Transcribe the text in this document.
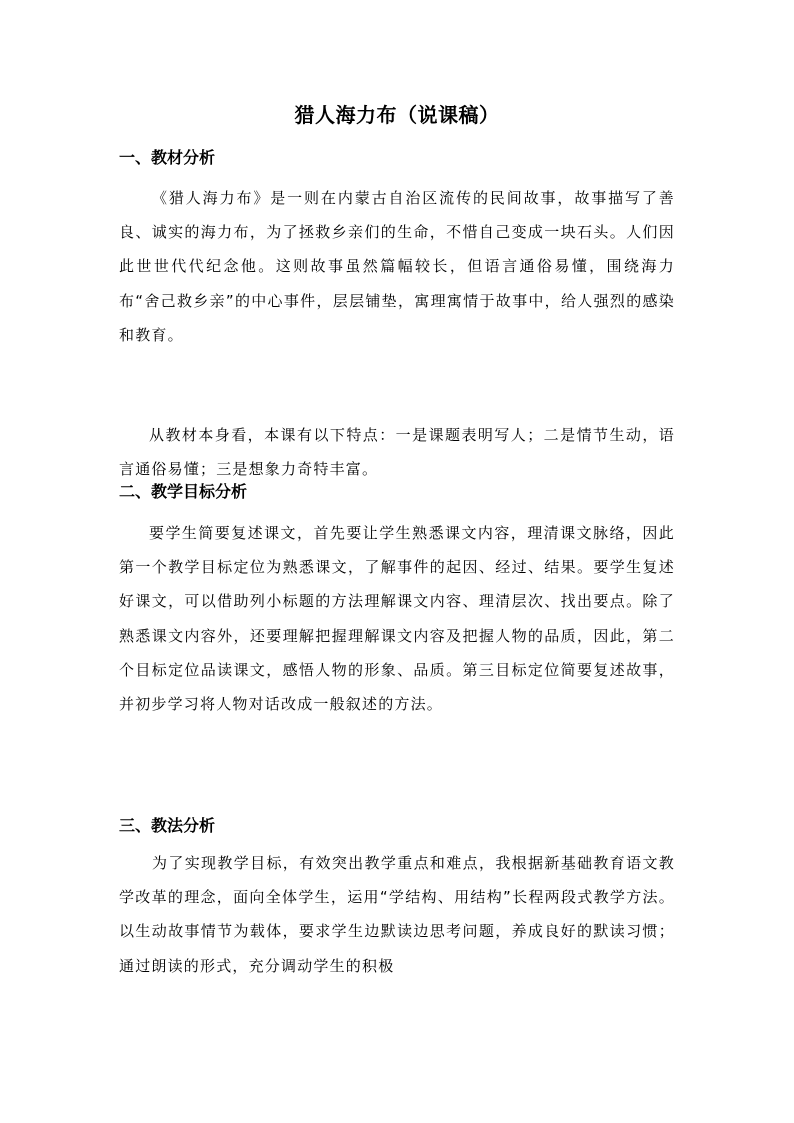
猎人海力布（说课稿）
一、教材分析

《猎人海力布》是一则在内蒙古自治区流传的民间故事，故事描写了善良、诚实的海力布，为了拯救乡亲们的生命，不惜自己变成一块石头。人们因此世世代代纪念他。这则故事虽然篇幅较长，但语言通俗易懂，围绕海力布“舍己救乡亲”的中心事件，层层铺垫，寓理寓情于故事中，给人强烈的感染和教育。

从教材本身看，本课有以下特点：一是课题表明写人；二是情节生动，语言通俗易懂；三是想象力奇特丰富。

二、教学目标分析

要学生简要复述课文，首先要让学生熟悉课文内容，理清课文脉络，因此第一个教学目标定位为熟悉课文，了解事件的起因、经过、结果。要学生复述好课文，可以借助列小标题的方法理解课文内容、理清层次、找出要点。除了熟悉课文内容外，还要理解把握理解课文内容及把握人物的品质，因此，第二个目标定位品读课文，感悟人物的形象、品质。第三目标定位简要复述故事，并初步学习将人物对话改成一般叙述的方法。

三、教法分析

为了实现教学目标，有效突出教学重点和难点，我根据新基础教育语文教学改革的理念，面向全体学生，运用“学结构、用结构”长程两段式教学方法。以生动故事情节为载体，要求学生边默读边思考问题，养成良好的默读习惯；通过朗读的形式，充分调动学生的积极
